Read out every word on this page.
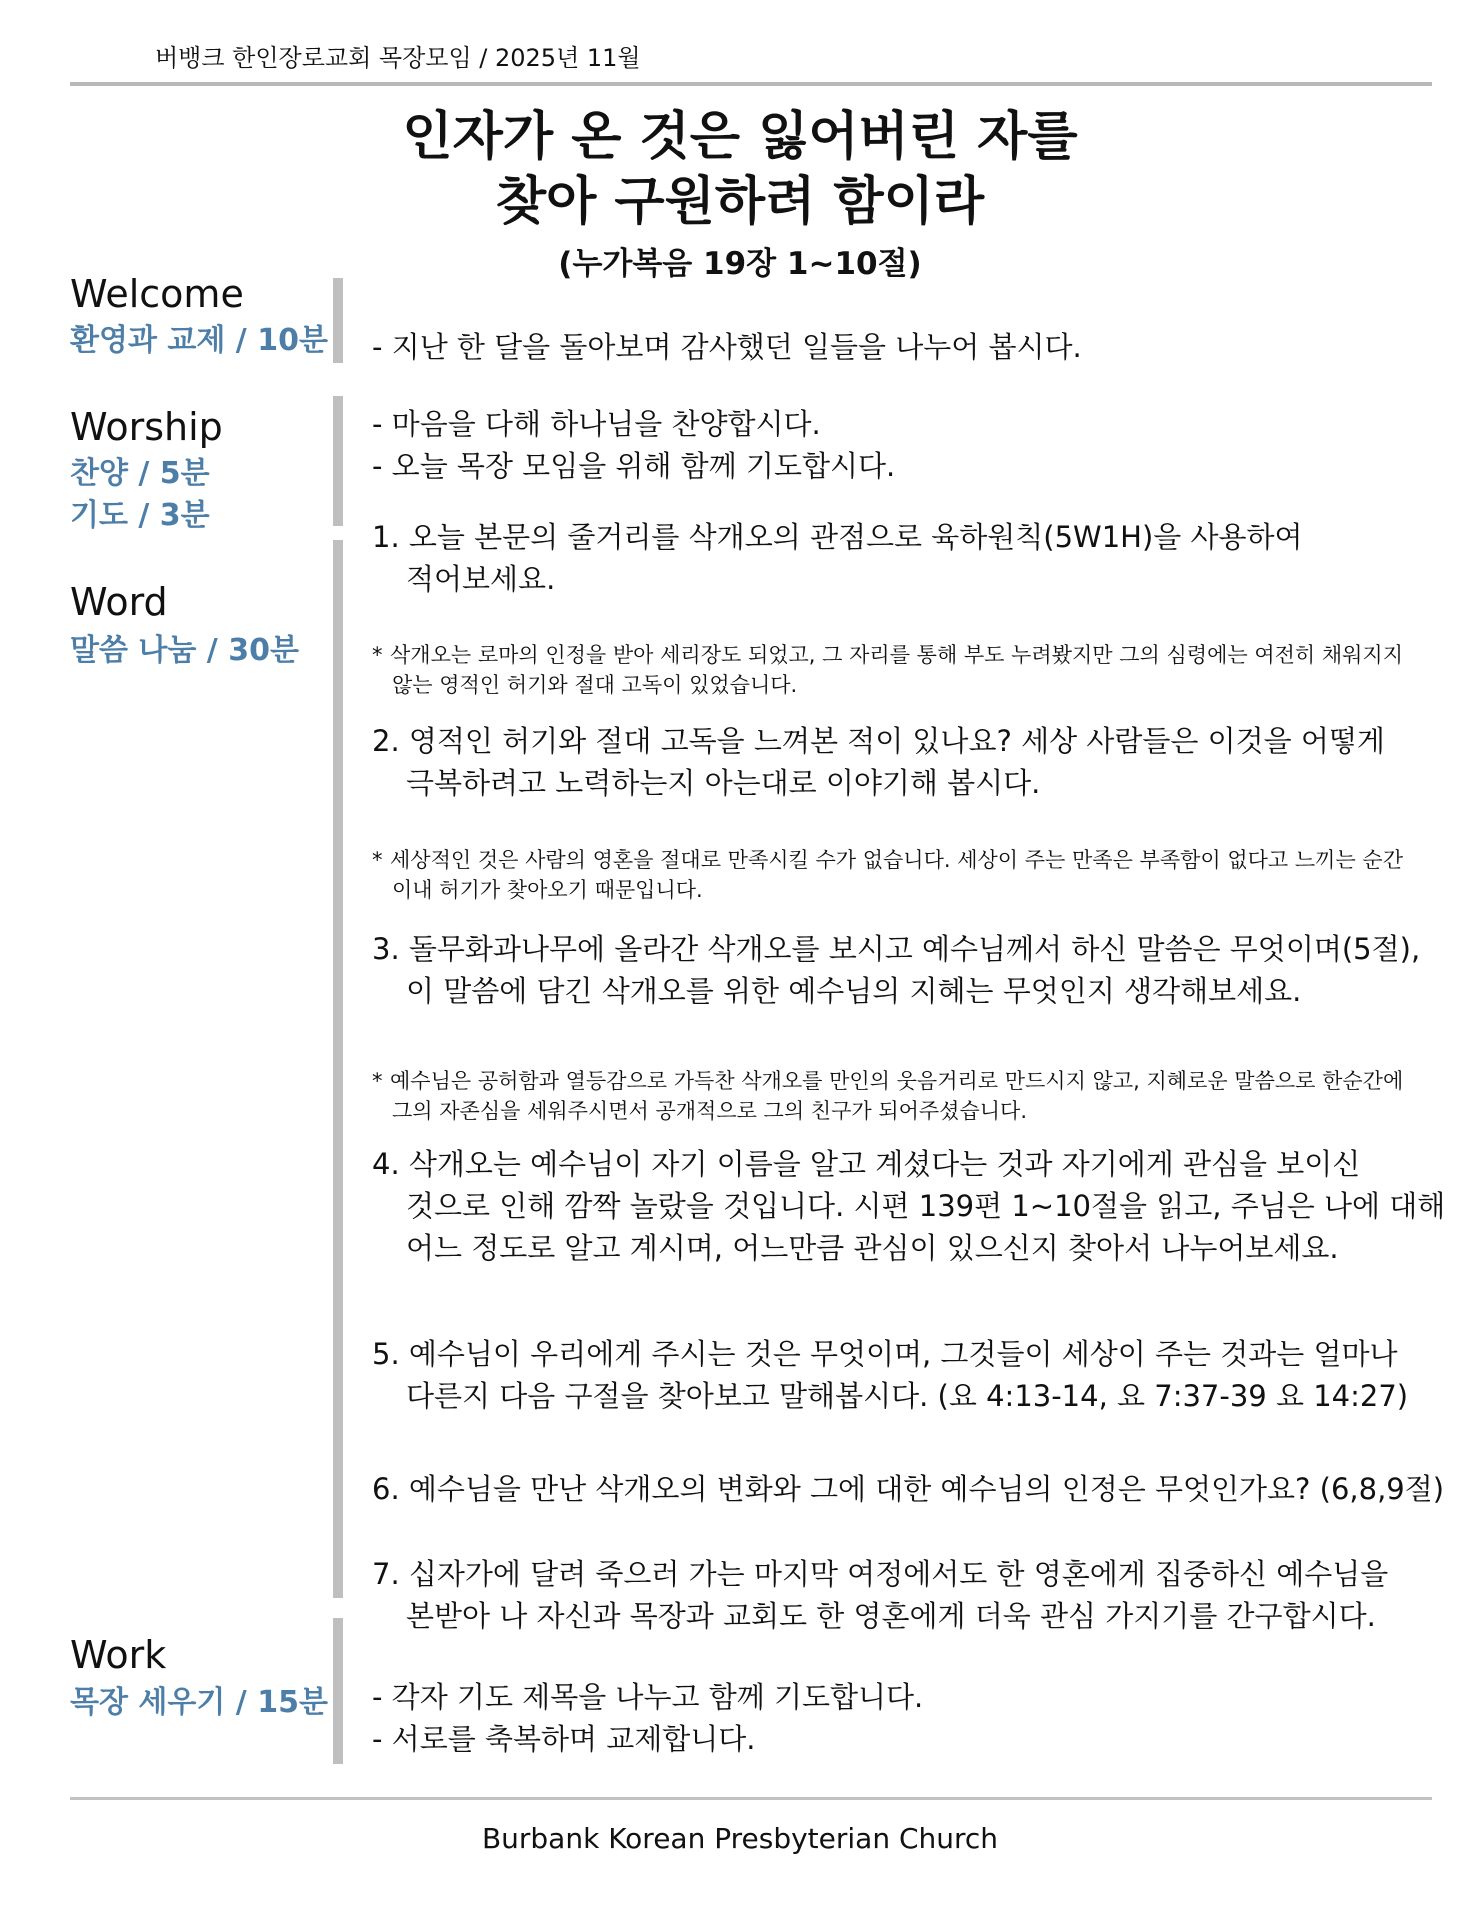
버뱅크 한인장로교회 목장모임 / 2025년 11월
인자가 온 것은 잃어버린 자를
찾아 구원하려 함이라
(누가복음 19장 1~10절)
Welcome
환영과 교제 / 10분
Worship
찬양 / 5분
기도 / 3분
Word
말씀 나눔 / 30분
Work
목장 세우기 / 15분
- 지난 한 달을 돌아보며 감사했던 일들을 나누어 봅시다.
- 마음을 다해 하나님을 찬양합시다.
- 오늘 목장 모임을 위해 함께 기도합시다.
1. 오늘 본문의 줄거리를 삭개오의 관점으로 육하원칙(5W1H)을 사용하여
적어보세요.
* 삭개오는 로마의 인정을 받아 세리장도 되었고, 그 자리를 통해 부도 누려봤지만 그의 심령에는 여전히 채워지지
않는 영적인 허기와 절대 고독이 있었습니다.
2. 영적인 허기와 절대 고독을 느껴본 적이 있나요? 세상 사람들은 이것을 어떻게
극복하려고 노력하는지 아는대로 이야기해 봅시다.
* 세상적인 것은 사람의 영혼을 절대로 만족시킬 수가 없습니다. 세상이 주는 만족은 부족함이 없다고 느끼는 순간
이내 허기가 찾아오기 때문입니다.
3. 돌무화과나무에 올라간 삭개오를 보시고 예수님께서 하신 말씀은 무엇이며(5절),
이 말씀에 담긴 삭개오를 위한 예수님의 지혜는 무엇인지 생각해보세요.
* 예수님은 공허함과 열등감으로 가득찬 삭개오를 만인의 웃음거리로 만드시지 않고, 지혜로운 말씀으로 한순간에
그의 자존심을 세워주시면서 공개적으로 그의 친구가 되어주셨습니다.
4. 삭개오는 예수님이 자기 이름을 알고 계셨다는 것과 자기에게 관심을 보이신
것으로 인해 깜짝 놀랐을 것입니다. 시편 139편 1~10절을 읽고, 주님은 나에 대해
어느 정도로 알고 계시며, 어느만큼 관심이 있으신지 찾아서 나누어보세요.
5. 예수님이 우리에게 주시는 것은 무엇이며, 그것들이 세상이 주는 것과는 얼마나
다른지 다음 구절을 찾아보고 말해봅시다. (요 4:13-14, 요 7:37-39 요 14:27)
6. 예수님을 만난 삭개오의 변화와 그에 대한 예수님의 인정은 무엇인가요? (6,8,9절)
7. 십자가에 달려 죽으러 가는 마지막 여정에서도 한 영혼에게 집중하신 예수님을
본받아 나 자신과 목장과 교회도 한 영혼에게 더욱 관심 가지기를 간구합시다.
- 각자 기도 제목을 나누고 함께 기도합니다.
- 서로를 축복하며 교제합니다.
Burbank Korean Presbyterian Church
